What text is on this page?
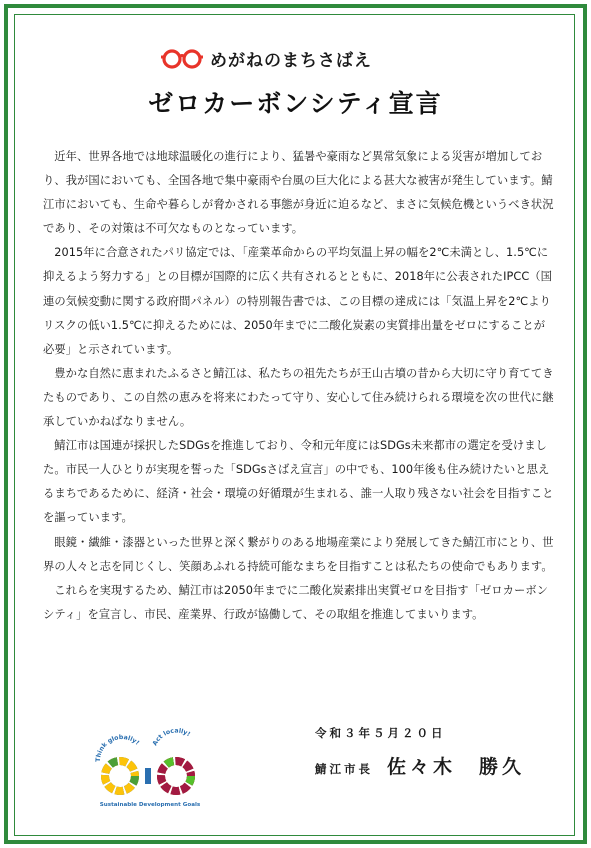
めがねのまちさばえ
ゼロカーボンシティ宣言

近年、世界各地では地球温暖化の進行により、猛暑や豪雨など異常気象による災害が増加しており、我が国においても、全国各地で集中豪雨や台風の巨大化による甚大な被害が発生しています。鯖江市においても、生命や暮らしが脅かされる事態が身近に迫るなど、まさに気候危機というべき状況であり、その対策は不可欠なものとなっています。

2015年に合意されたパリ協定では、「産業革命からの平均気温上昇の幅を2℃未満とし、1.5℃に抑えるよう努力する」との目標が国際的に広く共有されるとともに、2018年に公表されたIPCC（国連の気候変動に関する政府間パネル）の特別報告書では、この目標の達成には「気温上昇を2℃よりリスクの低い1.5℃に抑えるためには、2050年までに二酸化炭素の実質排出量をゼロにすることが必要」と示されています。

豊かな自然に恵まれたふるさと鯖江は、私たちの祖先たちが王山古墳の昔から大切に守り育ててきたものであり、この自然の恵みを将来にわたって守り、安心して住み続けられる環境を次の世代に継承していかねばなりません。

鯖江市は国連が採択したSDGsを推進しており、令和元年度にはSDGs未来都市の選定を受けました。市民一人ひとりが実現を誓った「SDGsさばえ宣言」の中でも、100年後も住み続けたいと思えるまちであるために、経済・社会・環境の好循環が生まれる、誰一人取り残さない社会を目指すことを謳っています。

眼鏡・繊維・漆器といった世界と深く繋がりのある地場産業により発展してきた鯖江市にとり、世界の人々と志を同じくし、笑顔あふれる持続可能なまちを目指すことは私たちの使命でもあります。

これらを実現するため、鯖江市は2050年までに二酸化炭素排出実質ゼロを目指す「ゼロカーボンシティ」を宣言し、市民、産業界、行政が協働して、その取組を推進してまいります。

Think globally! Act locally!
Sustainable Development Goals
令和３年５月２０日
鯖江市長 佐々木　勝久
